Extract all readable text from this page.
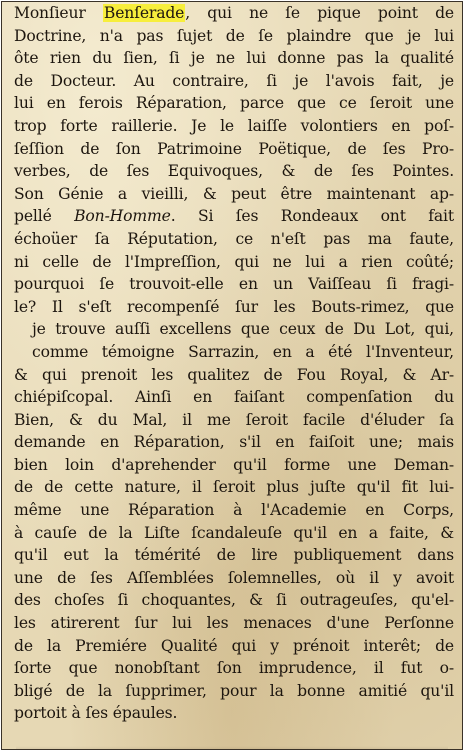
Monſieur Benſerade, qui ne ſe pique point de
Doctrine, n'a pas ſujet de ſe plaindre que je lui
ôte rien du ſien, ſi je ne lui donne pas la qualité
de Docteur. Au contraire, ſi je l'avois fait, je
lui en ferois Réparation, parce que ce ſeroit une
trop forte raillerie. Je le laiſſe volontiers en poſ-
ſeſſion de ſon Patrimoine Poëtique, de ſes Pro-
verbes, de ſes Equivoques, & de ſes Pointes.
Son Génie a vieilli, & peut être maintenant ap-
pellé Bon-Homme. Si ſes Rondeaux ont fait
échoüer ſa Réputation, ce n'eſt pas ma faute,
ni celle de l'Impreſſion, qui ne lui a rien coûté;
pourquoi ſe trouvoit-elle en un Vaiſſeau ſi fragi-
le? Il s'eſt recompenſé ſur les Bouts-rimez, que
je trouve auſſi excellens que ceux de Du Lot, qui,
comme témoigne Sarrazin, en a été l'Inventeur,
& qui prenoit les qualitez de Fou Royal, & Ar-
chiépiſcopal. Ainſi en faiſant compenſation du
Bien, & du Mal, il me ſeroit facile d'éluder ſa
demande en Réparation, s'il en faiſoit une; mais
bien loin d'aprehender qu'il forme une Deman-
de de cette nature, il ſeroit plus juſte qu'il fit lui-
même une Réparation à l'Academie en Corps,
à cauſe de la Liſte ſcandaleuſe qu'il en a faite, &
qu'il eut la témérité de lire publiquement dans
une de ſes Aſſemblées ſolemnelles, où il y avoit
des choſes ſi choquantes, & ſi outrageuſes, qu'el-
les atirerent ſur lui les menaces d'une Perſonne
de la Premiére Qualité qui y prénoit interêt; de
ſorte que nonobſtant ſon imprudence, il fut o-
bligé de la ſupprimer, pour la bonne amitié qu'il
portoit à ſes épaules.
